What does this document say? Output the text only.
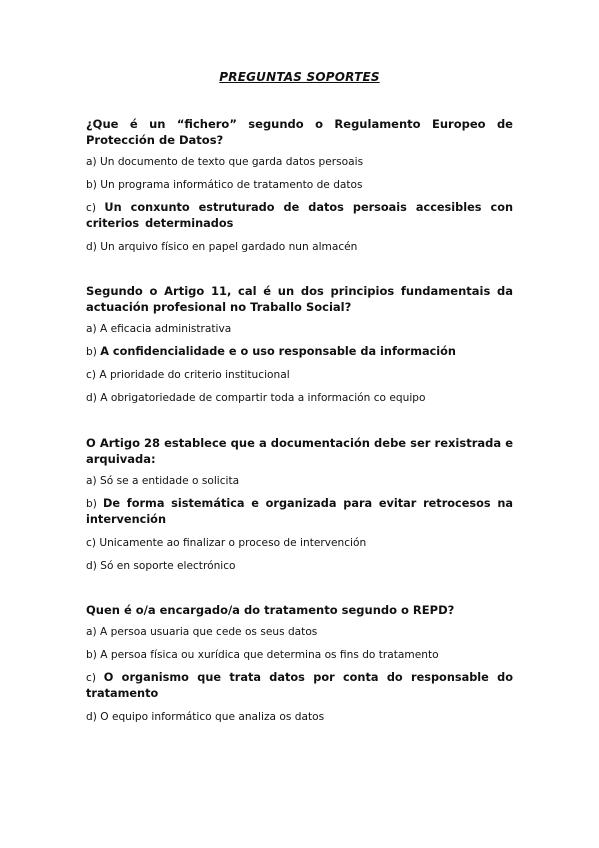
PREGUNTAS SOPORTES
¿Que é un “fichero” segundo o Regulamento Europeo de Protección de Datos?
a) Un documento de texto que garda datos persoais
b) Un programa informático de tratamento de datos
c) Un conxunto estruturado de datos persoais accesibles con criterios determinados
d) Un arquivo físico en papel gardado nun almacén
Segundo o Artigo 11, cal é un dos principios fundamentais da actuación profesional no Traballo Social?
a) A eficacia administrativa
b) A confidencialidade e o uso responsable da información
c) A prioridade do criterio institucional
d) A obrigatoriedade de compartir toda a información co equipo
O Artigo 28 establece que a documentación debe ser rexistrada e arquivada:
a) Só se a entidade o solicita
b) De forma sistemática e organizada para evitar retrocesos na intervención
c) Unicamente ao finalizar o proceso de intervención
d) Só en soporte electrónico
Quen é o/a encargado/a do tratamento segundo o REPD?
a) A persoa usuaria que cede os seus datos
b) A persoa física ou xurídica que determina os fins do tratamento
c) O organismo que trata datos por conta do responsable do tratamento
d) O equipo informático que analiza os datos
